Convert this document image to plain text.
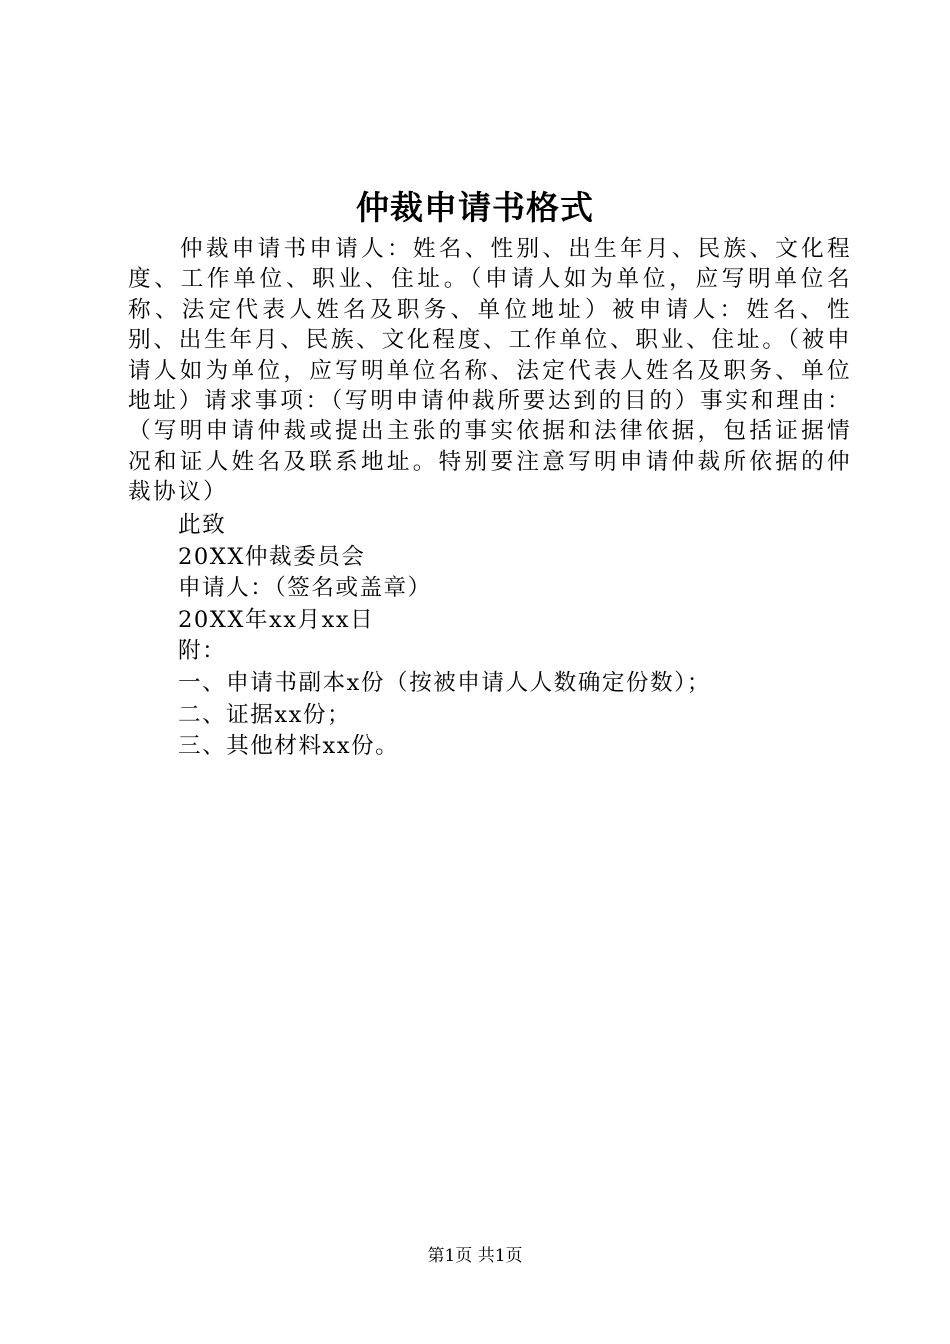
仲裁申请书格式

仲裁申请书申请人：姓名、性别、出生年月、民族、文化程度、工作单位、职业、住址。（申请人如为单位，应写明单位名称、法定代表人姓名及职务、单位地址）被申请人：姓名、性别、出生年月、民族、文化程度、工作单位、职业、住址。（被申请人如为单位，应写明单位名称、法定代表人姓名及职务、单位地址）请求事项：（写明申请仲裁所要达到的目的）事实和理由：（写明申请仲裁或提出主张的事实依据和法律依据，包括证据情况和证人姓名及联系地址。特别要注意写明申请仲裁所依据的仲裁协议）

此致
20XX仲裁委员会
申请人：（签名或盖章）
20XX年xx月xx日
附：
一、申请书副本x份（按被申请人人数确定份数）；
二、证据xx份；
三、其他材料xx份。
第1页 共1页
